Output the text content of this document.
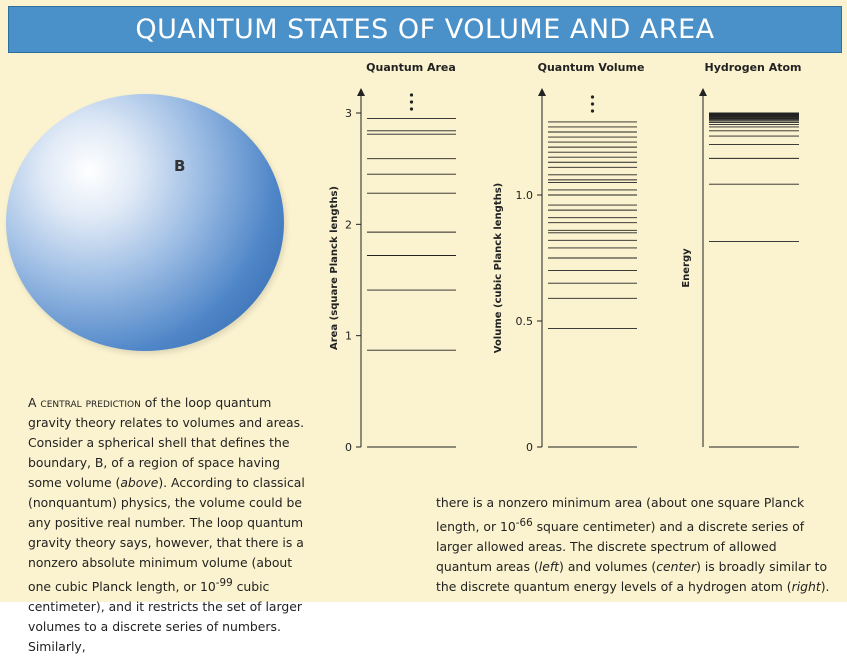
QUANTUM STATES OF VOLUME AND AREA
B
Quantum Area
Area (square Planck lengths)
0
1
2
3
Quantum Volume
Volume (cubic Planck lengths)
0
0.5
1.0
Hydrogen Atom
Energy
A central prediction of the loop quantum gravity theory relates to volumes and areas. Consider a spherical shell that defines the boundary, B, of a region of space having some volume (above). According to classical (nonquantum) physics, the volume could be any positive real number. The loop quantum gravity theory says, however, that there is a nonzero absolute minimum volume (about one cubic Planck length, or $10^{-99}$ cubic centimeter), and it restricts the set of larger volumes to a discrete series of numbers. Similarly,
there is a nonzero minimum area (about one square Planck length, or $10^{-66}$ square centimeter) and a discrete series of larger allowed areas. The discrete spectrum of allowed quantum areas (left) and volumes (center) is broadly similar to the discrete quantum energy levels of a hydrogen atom (right).
